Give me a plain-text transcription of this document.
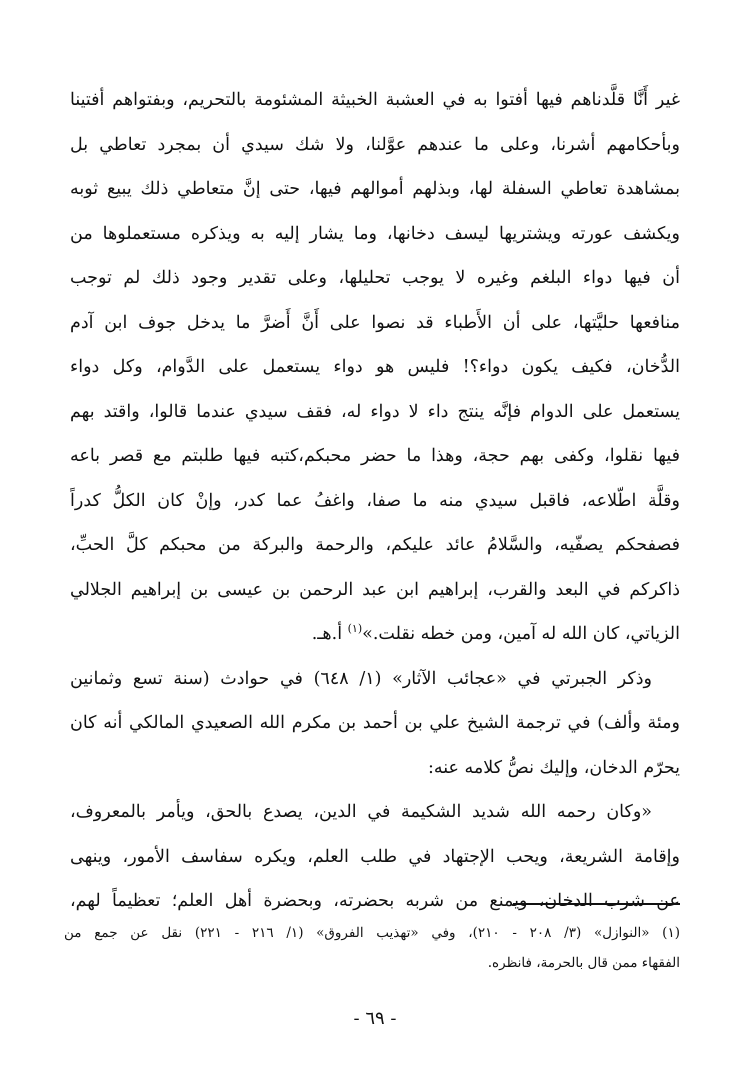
غير أَنَّا قلَّدناهم فيها أفتوا به في العشبة الخبيثة المشئومة بالتحريم، وبفتواهم أفتينا
وبأحكامهم أشرنا، وعلى ما عندهم عوَّلنا، ولا شك سيدي أن بمجرد تعاطي بل
بمشاهدة تعاطي السفلة لها، وبذلهم أموالهم فيها، حتى إنَّ متعاطي ذلك يبيع ثوبه
ويكشف عورته ويشتريها ليسف دخانها، وما يشار إليه به ويذكره مستعملوها من
أن فيها دواء البلغم وغيره لا يوجب تحليلها، وعلى تقدير وجود ذلك لم توجب
منافعها حليَّتها، على أن الأَطباء قد نصوا على أَنَّ أَضرَّ ما يدخل جوف ابن آدم
الدُّخان، فكيف يكون دواء؟! فليس هو دواء يستعمل على الدَّوام، وكل دواء
يستعمل على الدوام فإنَّه ينتج داء لا دواء له، فقف سيدي عندما قالوا، واقتد بهم
فيها نقلوا، وكفى بهم حجة، وهذا ما حضر محبكم،كتبه فيها طلبتم مع قصر باعه
وقلَّة اطّلاعه، فاقبل سيدي منه ما صفا، واغفُ عما كدر، وإنْ كان الكلُّ كدراً
فصفحكم يصفّيه، والسَّلامُ عائد عليكم، والرحمة والبركة من محبكم كلَّ الحبِّ،
ذاكركم في البعد والقرب، إبراهيم ابن عبد الرحمن بن عيسى بن إبراهيم الجلالي
الزياتي، كان الله له آمين، ومن خطه نقلت.»$^{(١)}$ أ.هـ.
وذكر الجبرتي في «عجائب الآثار» (١/ ٦٤٨) في حوادث (سنة تسع وثمانين
ومئة وألف) في ترجمة الشيخ علي بن أحمد بن مكرم الله الصعيدي المالكي أنه كان
يحرّم الدخان، وإليك نصُّ كلامه عنه:
«وكان رحمه الله شديد الشكيمة في الدين، يصدع بالحق، ويأمر بالمعروف،
وإقامة الشريعة، ويحب الإجتهاد في طلب العلم، ويكره سفاسف الأمور، وينهى
عن شرب الدخان، ويمنع من شربه بحضرته، وبحضرة أهل العلم؛ تعظيماً لهم،
(١) «النوازل» (٣/ ٢٠٨ - ٢١٠)، وفي «تهذيب الفروق» (١/ ٢١٦ - ٢٢١) نقل عن جمع من
الفقهاء ممن قال بالحرمة، فانظره.
- ٦٩ -
